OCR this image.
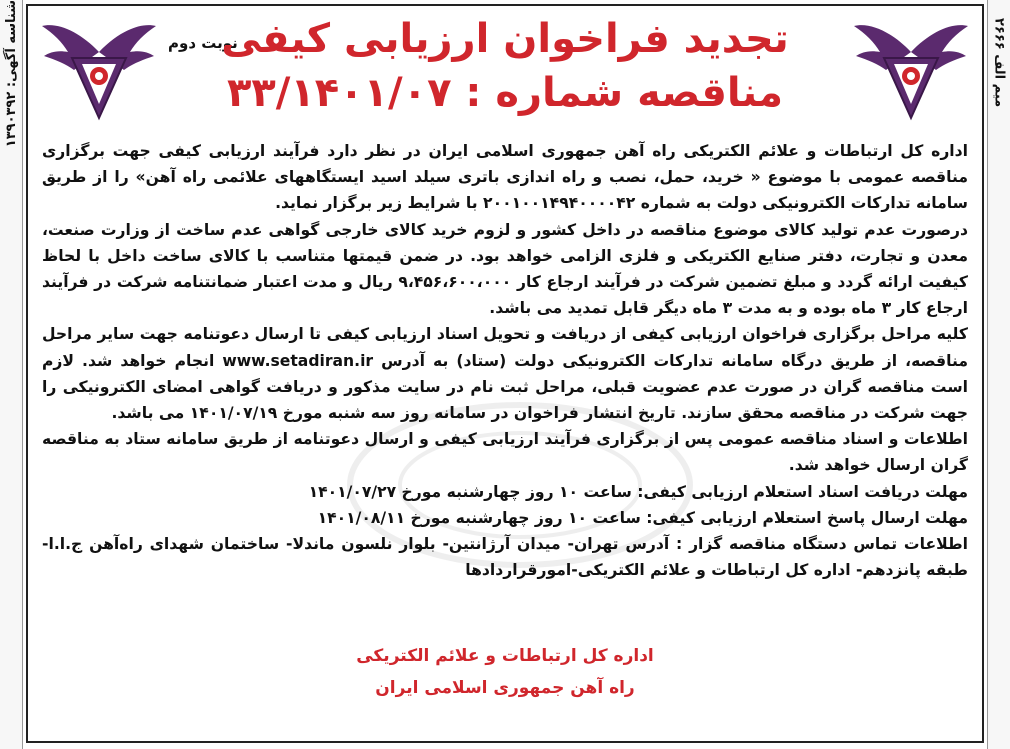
میم الف ۲۶۶۶
شناسه آگهی: ۱۳۹۰۳۹۲	نوبت دوم
تجدید فراخوان ارزیابی کیفی
مناقصه شماره : ۳۳/۱۴۰۱/۰۷

اداره کل ارتباطات و علائم الکتریکی راه آهن جمهوری اسلامی ایران در نظر دارد فرآیند ارزیابی کیفی جهت برگزاری مناقصه عمومی با موضوع « خرید، حمل، نصب و راه اندازی باتری سیلد اسید ایستگاههای علائمی راه آهن» را از طریق سامانه تدارکات الکترونیکی دولت به شماره ۲۰۰۱۰۰۱۴۹۴۰۰۰۰۴۲ با شرایط زیر برگزار نماید.

درصورت عدم تولید کالای موضوع مناقصه در داخل کشور و لزوم خرید کالای خارجی گواهی عدم ساخت از وزارت صنعت، معدن و تجارت، دفتر صنایع الکتریکی و فلزی الزامی خواهد بود. در ضمن قیمتها متناسب با کالای ساخت داخل با لحاظ کیفیت ارائه گردد و مبلغ تضمین شرکت در فرآیند ارجاع کار ۹،۴۵۶،۶۰۰،۰۰۰ ریال و مدت اعتبار ضمانتنامه شرکت در فرآیند ارجاع کار ۳ ماه بوده و به مدت ۳ ماه دیگر قابل تمدید می باشد.

کلیه مراحل برگزاری فراخوان ارزیابی کیفی از دریافت و تحویل اسناد ارزیابی کیفی تا ارسال دعوتنامه جهت سایر مراحل مناقصه، از طریق درگاه سامانه تدارکات الکترونیکی دولت (ستاد) به آدرس www.setadiran.ir انجام خواهد شد. لازم است مناقصه گران در صورت عدم عضویت قبلی، مراحل ثبت نام در سایت مذکور و دریافت گواهی امضای الکترونیکی را جهت شرکت در مناقصه محقق سازند. تاریخ انتشار فراخوان در سامانه روز سه شنبه مورخ ۱۴۰۱/۰۷/۱۹ می باشد.

اطلاعات و اسناد مناقصه عمومی پس از برگزاری فرآیند ارزیابی کیفی و ارسال دعوتنامه از طریق سامانه ستاد به مناقصه گران ارسال خواهد شد.

مهلت دریافت اسناد استعلام ارزیابی کیفی: ساعت ۱۰ روز چهارشنبه مورخ ۱۴۰۱/۰۷/۲۷

مهلت ارسال پاسخ استعلام ارزیابی کیفی: ساعت ۱۰ روز چهارشنبه مورخ ۱۴۰۱/۰۸/۱۱

اطلاعات تماس دستگاه مناقصه گزار : آدرس تهران- میدان آرژانتین- بلوار نلسون ماندلا- ساختمان شهدای راه‌آهن ج.ا.ا- طبقه پانزدهم- اداره کل ارتباطات و علائم الکتریکی-امورقراردادها

اداره کل ارتباطات و علائم الکتریکی
راه آهن جمهوری اسلامی ایران
